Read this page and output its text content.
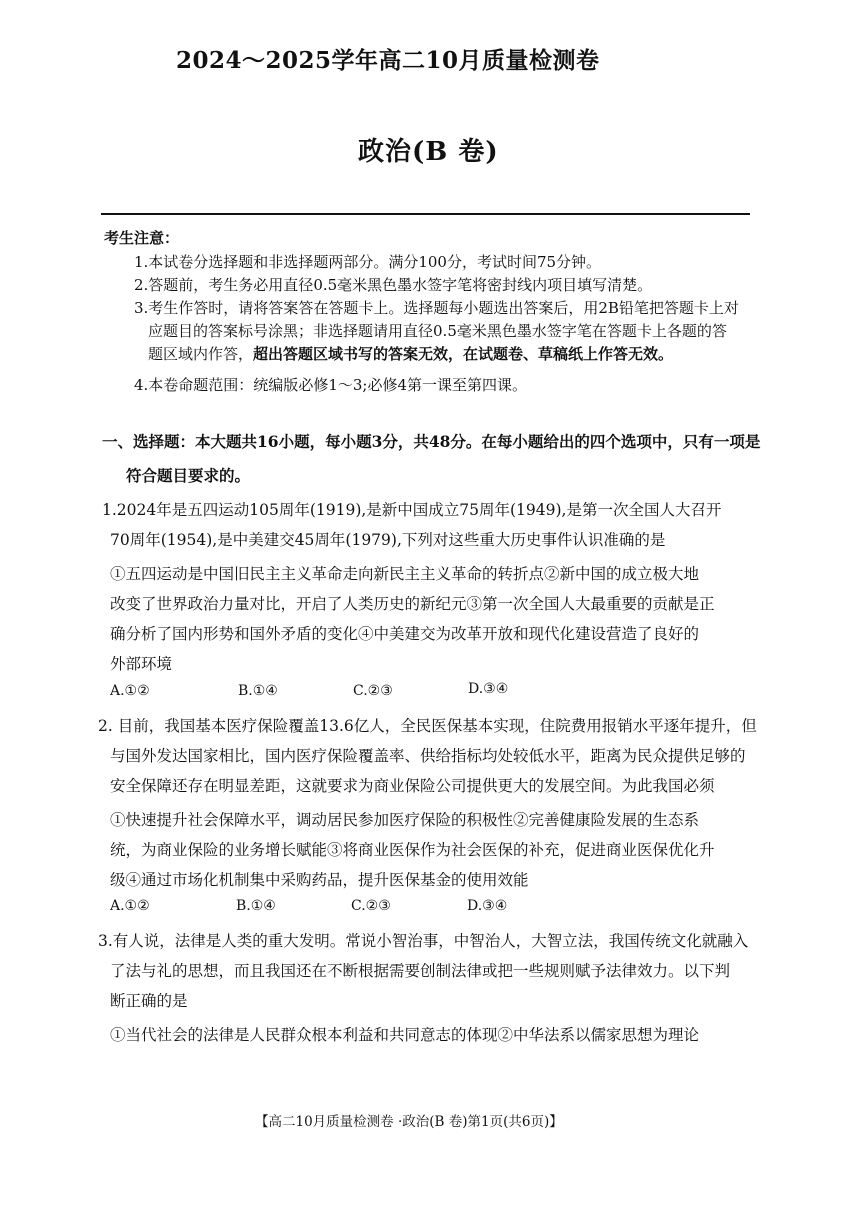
2024～2025学年高二10月质量检测卷
政治(B 卷)
考生注意：
1.本试卷分选择题和非选择题两部分。满分100分，考试时间75分钟。
2.答题前，考生务必用直径0.5毫米黑色墨水签字笔将密封线内项目填写清楚。
3.考生作答时，请将答案答在答题卡上。选择题每小题选出答案后，用2B铅笔把答题卡上对
应题目的答案标号涂黑；非选择题请用直径0.5毫米黑色墨水签字笔在答题卡上各题的答
题区域内作答，超出答题区域书写的答案无效，在试题卷、草稿纸上作答无效。
4.本卷命题范围：统编版必修1～3;必修4第一课至第四课。
一、选择题：本大题共16小题，每小题3分，共48分。在每小题给出的四个选项中，只有一项是
符合题目要求的。
1.2024年是五四运动105周年(1919),是新中国成立75周年(1949),是第一次全国人大召开
70周年(1954),是中美建交45周年(1979),下列对这些重大历史事件认识准确的是
①五四运动是中国旧民主主义革命走向新民主主义革命的转折点②新中国的成立极大地
改变了世界政治力量对比，开启了人类历史的新纪元③第一次全国人大最重要的贡献是正
确分析了国内形势和国外矛盾的变化④中美建交为改革开放和现代化建设营造了良好的
外部环境
A.①②	B.①④	C.②③	D.③④
2. 目前，我国基本医疗保险覆盖13.6亿人，全民医保基本实现，住院费用报销水平逐年提升，但
与国外发达国家相比，国内医疗保险覆盖率、供给指标均处较低水平，距离为民众提供足够的
安全保障还存在明显差距，这就要求为商业保险公司提供更大的发展空间。为此我国必须
①快速提升社会保障水平，调动居民参加医疗保险的积极性②完善健康险发展的生态系
统，为商业保险的业务增长赋能③将商业医保作为社会医保的补充，促进商业医保优化升
级④通过市场化机制集中采购药品，提升医保基金的使用效能
A.①②	B.①④	C.②③	D.③④
3.有人说，法律是人类的重大发明。常说小智治事，中智治人，大智立法，我国传统文化就融入
了法与礼的思想，而且我国还在不断根据需要创制法律或把一些规则赋予法律效力。以下判
断正确的是
①当代社会的法律是人民群众根本利益和共同意志的体现②中华法系以儒家思想为理论
【高二10月质量检测卷 ·政治(B 卷)第1页(共6页)】
